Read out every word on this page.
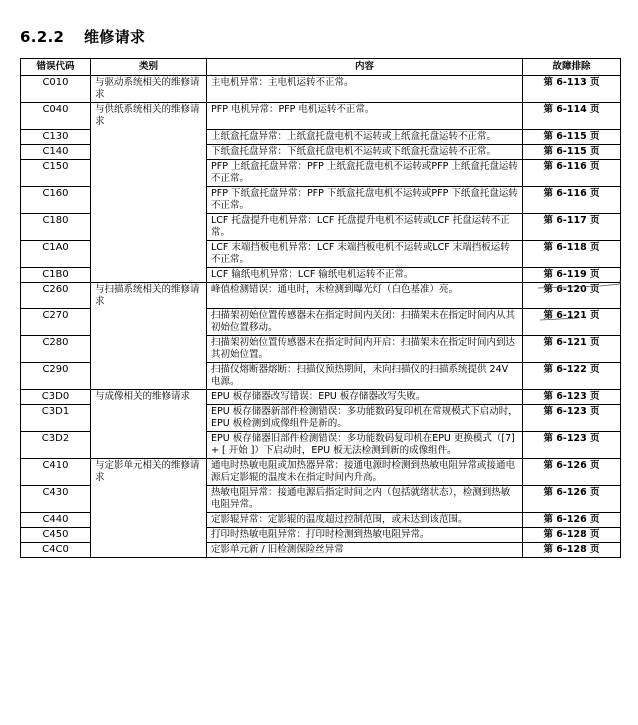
6.2.2 维修请求
错误代码	类别	内容	故障排除
C010	与驱动系统相关的维修请求	主电机异常：主电机运转不正常。	第 6-113 页
C040	与供纸系统相关的维修请求	PFP 电机异常：PFP 电机运转不正常。	第 6-114 页
C130		上纸盒托盘异常：上纸盒托盘电机不运转或上纸盒托盘运转不正常。	第 6-115 页
C140		下纸盒托盘异常：下纸盒托盘电机不运转或下纸盒托盘运转不正常。	第 6-115 页
C150		PFP 上纸盒托盘异常：PFP 上纸盒托盘电机不运转或PFP 上纸盒托盘运转不正常。	第 6-116 页
C160		PFP 下纸盒托盘异常：PFP 下纸盒托盘电机不运转或PFP 下纸盒托盘运转不正常。	第 6-116 页
C180		LCF 托盘提升电机异常：LCF 托盘提升电机不运转或LCF 托盘运转不正常。	第 6-117 页
C1A0		LCF 末端挡板电机异常：LCF 末端挡板电机不运转或LCF 末端挡板运转不正常。	第 6-118 页
C1B0		LCF 输纸电机异常：LCF 输纸电机运转不正常。	第 6-119 页
C260	与扫描系统相关的维修请求	峰值检测错误：通电时，未检测到曝光灯（白色基准）亮。	第 6-120 页
C270		扫描架初始位置传感器未在指定时间内关闭：扫描架未在指定时间内从其初始位置移动。	第 6-121 页
C280		扫描架初始位置传感器未在指定时间内开启：扫描架未在指定时间内到达其初始位置。	第 6-121 页
C290		扫描仪熔断器熔断：扫描仪预热期间，未向扫描仪的扫描系统提供 24V 电源。	第 6-122 页
C3D0	与成像相关的维修请求	EPU 板存储器改写错误：EPU 板存储器改写失败。	第 6-123 页
C3D1		EPU 板存储器新部件检测错误：多功能数码复印机在常规模式下启动时， EPU 板检测到成像组件是新的。	第 6-123 页
C3D2		EPU 板存储器旧部件检测错误：多功能数码复印机在EPU 更换模式（[7] + [ 开始 ]）下启动时，EPU 板无法检测到新的成像组件。	第 6-123 页
C410	与定影单元相关的维修请求	通电时热敏电阻或加热器异常：接通电源时检测到热敏电阻异常或接通电源后定影辊的温度未在指定时间内升高。	第 6-126 页
C430		热敏电阻异常：接通电源后指定时间之内（包括就绪状态），检测到热敏电阻异常。	第 6-126 页
C440		定影辊异常：定影辊的温度超过控制范围，或未达到该范围。	第 6-126 页
C450		打印时热敏电阻异常：打印时检测到热敏电阻异常。	第 6-128 页
C4C0		定影单元新 / 旧检测保险丝异常	第 6-128 页
